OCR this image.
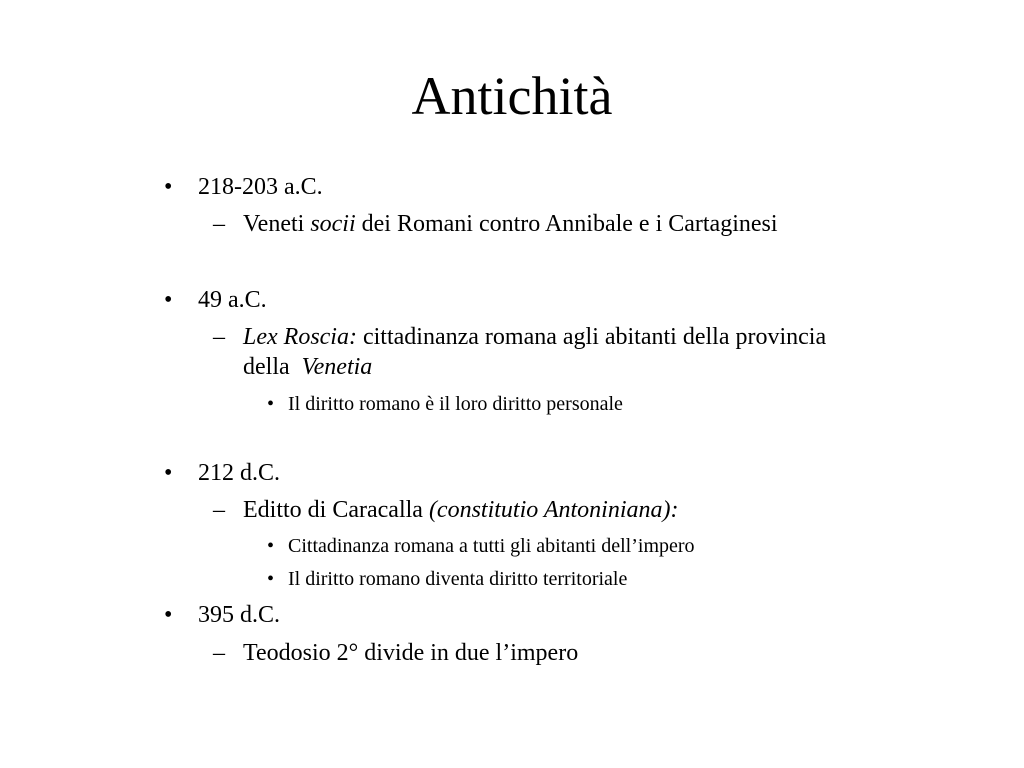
Antichità
• 218-203 a.C.
– Veneti socii dei Romani contro Annibale e i Cartaginesi
• 49 a.C.
– Lex Roscia: cittadinanza romana agli abitanti della provincia
della  Venetia
• Il diritto romano è il loro diritto personale
• 212 d.C.
– Editto di Caracalla (constitutio Antoniniana):
• Cittadinanza romana a tutti gli abitanti dell’impero
• Il diritto romano diventa diritto territoriale
• 395 d.C.
– Teodosio 2° divide in due l’impero
